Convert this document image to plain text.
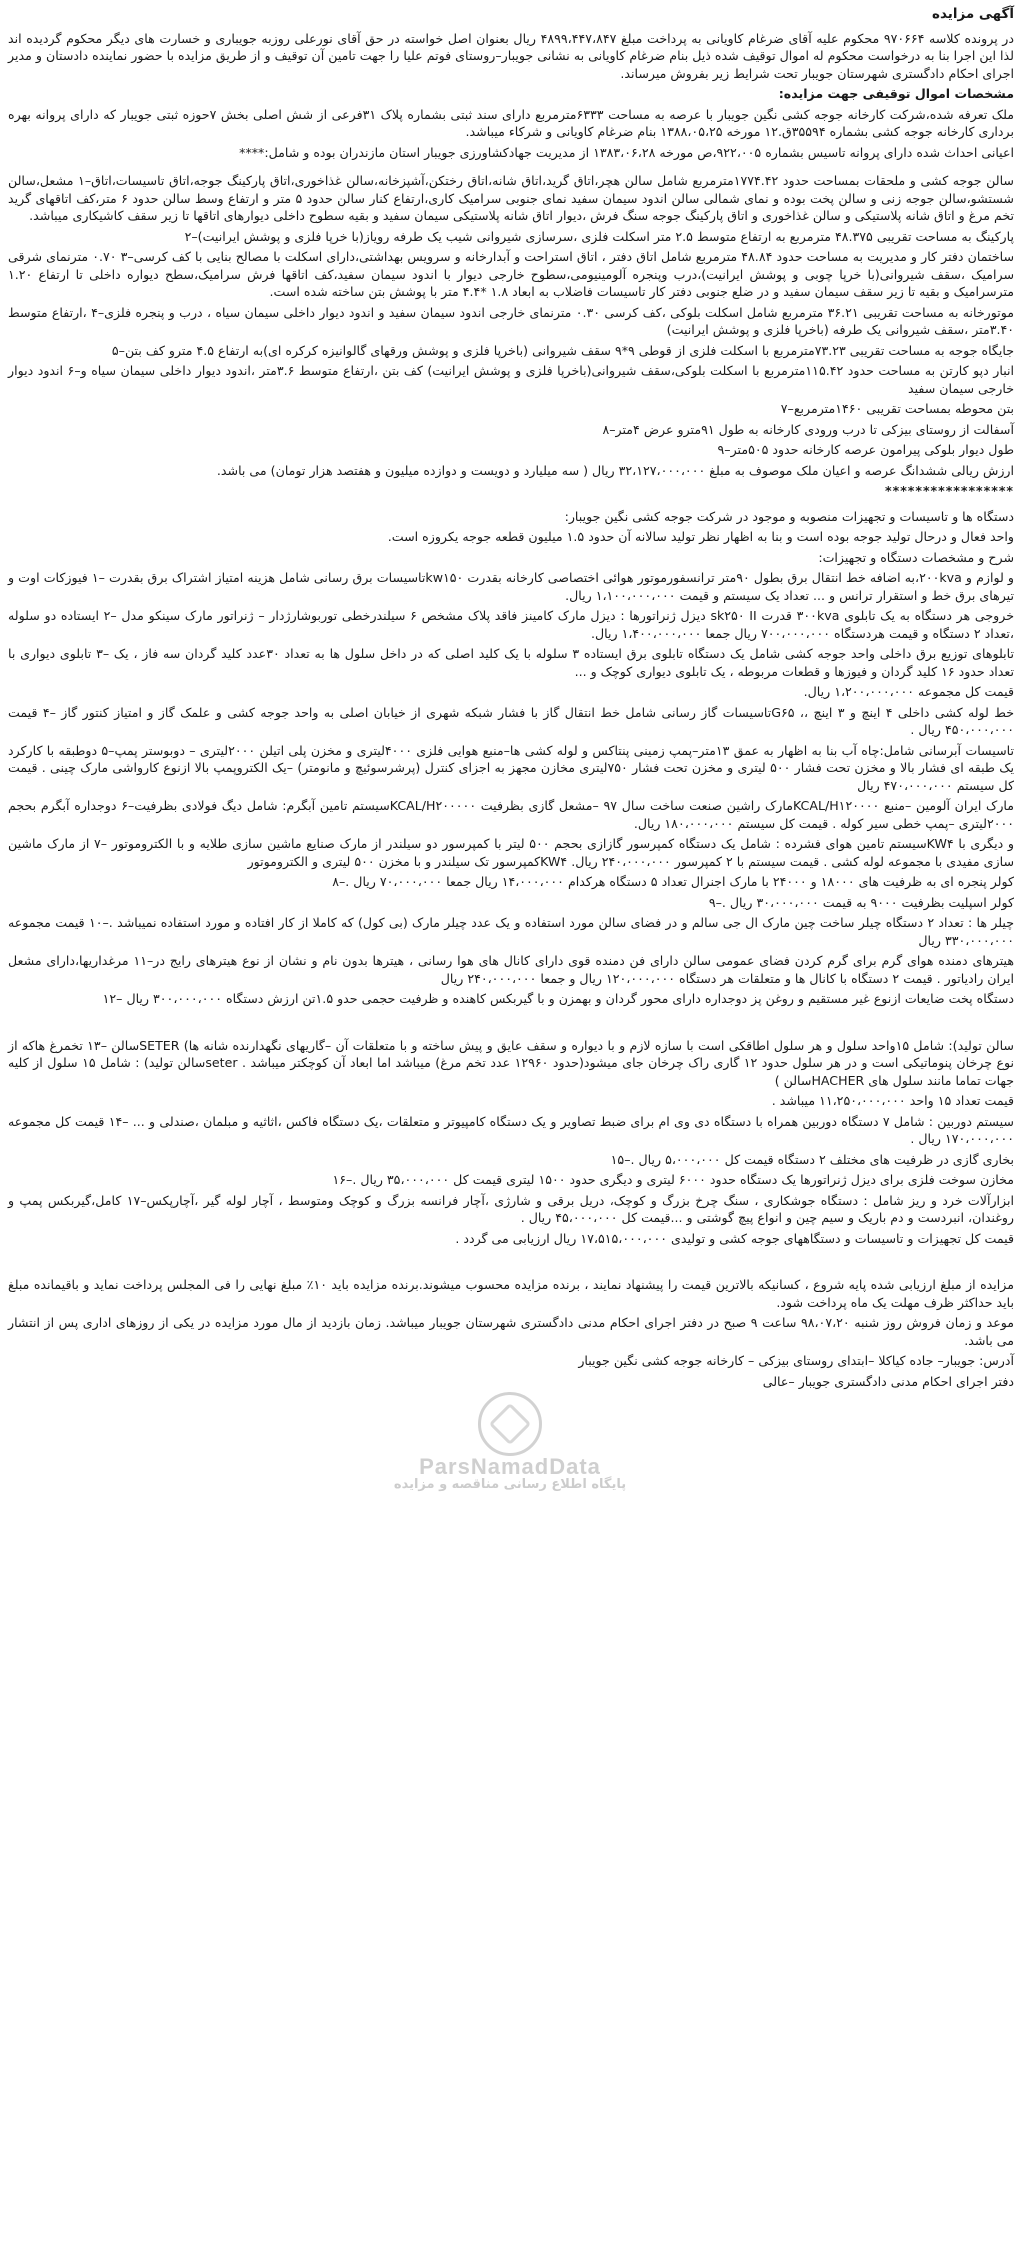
آگهی مزایده
در پرونده کلاسه ۹۷۰۶۶۴ محکوم علیه آقای ضرغام کاویانی به پرداخت مبلغ ۴۸۹۹،۴۴۷،۸۴۷ ریال بعنوان اصل خواسته در حق آقای نورعلی روزبه جویباری و خسارت های دیگر محکوم گردیده اند لذا این اجرا بنا به درخواست محکوم له اموال توقیف شده ذیل بنام ضرغام کاویانی به نشانی جویبار–روستای فوتم علیا را جهت تامین آن توقیف و از طریق مزایده با حضور نماینده دادستان و مدیر اجرای احکام دادگستری شهرستان جویبار تحت شرایط زیر بفروش میرساند.
مشخصات اموال توقیفی جهت مزایده:
ملک تعرفه شده،شرکت کارخانه جوجه کشی نگین جویبار با عرصه به مساحت ۶۳۳۳مترمربع دارای سند ثبتی بشماره پلاک ۳۱فرعی از شش اصلی بخش ۷حوزه ثبتی جویبار که دارای پروانه بهره برداری کارخانه جوجه کشی بشماره ۳۵۵۹۴ق.۱۲ مورخه ۱۳۸۸،۰۵،۲۵ بنام ضرغام کاویانی و شرکاء میباشد.
اعیانی احداث شده دارای پروانه تاسیس بشماره ۹۲۲،۰۰۵،ص مورخه ۱۳۸۳،۰۶،۲۸ از مدیریت جهادکشاورزی جویبار استان مازندران بوده و شامل:****
سالن جوجه کشی و ملحقات بمساحت حدود ۱۷۷۴.۴۲مترمربع شامل سالن هچر،اتاق گرید،اتاق شانه،اتاق رختکن،آشپزخانه،سالن غذاخوری،اتاق پارکینگ جوجه،اتاق تاسیسات،اتاق–۱ مشعل،سالن شستشو،سالن جوجه زنی و سالن پخت بوده و نمای شمالی سالن اندود سیمان سفید نمای جنوبی سرامیک کاری،ارتفاع کنار سالن حدود ۵ متر و ارتفاع وسط سالن حدود ۶ متر،کف اتاقهای گرید تخم مرغ و اتاق شانه پلاستیکی و سالن غذاخوری و اتاق پارکینگ جوجه سنگ فرش ،دیوار اتاق شانه پلاستیکی سیمان سفید و بقیه سطوح داخلی دیوارهای اتاقها تا زیر سقف کاشیکاری میباشد.
پارکینگ به مساحت تقریبی ۴۸.۳۷۵ مترمربع به ارتفاع متوسط ۲.۵ متر اسکلت فلزی ،سرسازی شیروانی شیب یک طرفه رویاز(با خرپا فلزی و پوشش ایرانیت)–۲
ساختمان دفتر کار و مدیریت به مساحت حدود ۴۸.۸۴ مترمربع شامل اتاق دفتر ، اتاق استراحت و آبدارخانه و سرویس بهداشتی،دارای اسکلت با مصالح بنایی با کف کرسی–۳ ۰.۷۰ مترنمای شرقی سرامیک ،سقف شیروانی(با خرپا چوبی و پوشش ایرانیت)،درب وپنجره آلومینیومی،سطوح خارجی دیوار با اندود سیمان سفید،کف اتاقها فرش سرامیک،سطح دیواره داخلی تا ارتفاع ۱.۲۰ مترسرامیک و بقیه تا زیر سقف سیمان سفید و در ضلع جنوبی دفتر کار تاسیسات فاضلاب به ابعاد ۱.۸ *۴.۴ متر با پوشش بتن ساخته شده است.
موتورخانه به مساحت تقریبی ۳۶.۲۱ مترمربع شامل اسکلت بلوکی ،کف کرسی ۰.۳۰ مترنمای خارجی اندود سیمان سفید و اندود دیوار داخلی سیمان سیاه ، درب و پنجره فلزی–۴ ،ارتفاع متوسط ۳.۴۰متر ،سقف شیروانی یک طرفه (باخرپا فلزی و پوشش ایرانیت)
جایگاه جوجه به مساحت تقریبی ۷۳.۲۳مترمربع با اسکلت فلزی از قوطی ۹*۹ سقف شیروانی (باخرپا فلزی و پوشش ورقهای گالوانیزه کرکره ای)به ارتفاع ۴.۵ مترو کف بتن–۵
انبار دپو کارتن به مساحت حدود ۱۱۵.۴۲مترمربع با اسکلت بلوکی،سقف شیروانی(باخرپا فلزی و پوشش ایرانیت) کف بتن ،ارتفاع متوسط ۳.۶متر ،اندود دیوار داخلی سیمان سیاه و–۶ اندود دیوار خارجی سیمان سفید
بتن محوطه بمساحت تقریبی ۱۴۶۰مترمربع–۷
آسفالت از روستای بیزکی تا درب ورودی کارخانه به طول ۹۱مترو عرض ۴متر–۸
طول دیوار بلوکی پیرامون عرصه کارخانه حدود ۵۰۵متر–۹
ارزش ریالی ششدانگ عرصه و اعیان ملک موصوف به مبلغ ۳۲،۱۲۷،۰۰۰،۰۰۰ ریال ( سه میلیارد و دویست و دوازده میلیون و هفتصد هزار تومان) می باشد.
*****************
دستگاه ها و تاسیسات و تجهیزات منصوبه و موجود در شرکت جوجه کشی نگین جویبار:
واحد فعال و درحال تولید جوجه بوده است و بنا به اظهار نظر تولید سالانه آن حدود ۱.۵ میلیون قطعه جوجه یکروزه است.
شرح و مشخصات دستگاه و تجهیزات:
و لوازم و ۲۰۰kva،به اضافه خط انتقال برق بطول ۹۰متر ترانسفورموتور هوائی اختصاصی کارخانه بقدرت kw۱۵۰تاسیسات برق رسانی شامل هزینه امتیاز اشتراک برق بقدرت –۱ فیوزکات اوت و تیرهای برق خط و استقرار ترانس و ... تعداد یک سیستم و قیمت ۱،۱۰۰،۰۰۰،۰۰۰ ریال.
خروجی هر دستگاه به یک تابلوی ۳۰۰kva قدرت sk۲۵۰ II دیزل ژنراتورها : دیزل مارک کامینز فاقد پلاک مشخص ۶ سیلندرخطی توربوشارژدار – ژنراتور مارک سینکو مدل –۲ ایستاده دو سلوله ،تعداد ۲ دستگاه و قیمت هردستگاه ۷۰۰،۰۰۰،۰۰۰ ریال جمعا ۱،۴۰۰،۰۰۰،۰۰۰ ریال.
تابلوهای توزیع برق داخلی واحد جوجه کشی شامل یک دستگاه تابلوی برق ایستاده ۳ سلوله با یک کلید اصلی که در داخل سلول ها به تعداد ۳۰عدد کلید گردان سه فاز ، یک –۳ تابلوی دیواری با تعداد حدود ۱۶ کلید گردان و فیوزها و قطعات مربوطه ، یک تابلوی دیواری کوچک و ...
قیمت کل مجموعه ۱،۲۰۰،۰۰۰،۰۰۰ ریال.
خط لوله کشی داخلی ۴ اینچ و ۳ اینچ ،، G۶۵تاسیسات گاز رسانی شامل خط انتقال گاز با فشار شبکه شهری از خیابان اصلی به واحد جوجه کشی و علمک گاز و امتیاز کنتور گاز –۴ قیمت ۴۵۰،۰۰۰،۰۰۰ ریال .
تاسیسات آبرسانی شامل:چاه آب بنا به اظهار به عمق ۱۳متر–پمپ زمینی پنتاکس و لوله کشی ها–منبع هوایی فلزی ۴۰۰۰لیتری و مخزن پلی اتیلن ۲۰۰۰لیتری – دوبوستر پمپ–۵ دوطبقه با کارکرد یک طبقه ای فشار بالا و مخزن تحت فشار ۵۰۰ لیتری و مخزن تحت فشار ۷۵۰لیتری مخازن مجهز به اجزای کنترل (پرشرسوئیچ و مانومتر) –یک الکتروپمپ بالا ازنوع کارواشی مارک چینی . قیمت کل سیستم ۴۷۰،۰۰۰،۰۰۰ ریال
مارک ایران آلومین –منبع KCAL/H۱۲۰۰۰۰مارک راشین صنعت ساخت سال ۹۷ –مشعل گازی بظرفیت KCAL/H۲۰۰۰۰۰سیستم تامین آبگرم: شامل دیگ فولادی بظرفیت–۶ دوجداره آبگرم بحجم ۲۰۰۰لیتری –پمپ خطی سیر کوله . قیمت کل سیستم ۱۸۰،۰۰۰،۰۰۰ ریال.
و دیگری با KW۴سیستم تامین هوای فشرده : شامل یک دستگاه کمپرسور گازازی بحجم ۵۰۰ لیتر با کمپرسور دو سیلندر از مارک صنایع ماشین سازی طلایه و با الکتروموتور –۷ از مارک ماشین سازی مفیدی با مجموعه لوله کشی . قیمت سیستم با ۲ کمپرسور ۲۴۰،۰۰۰،۰۰۰ ریال. KW۴کمپرسور تک سیلندر و با مخزن ۵۰۰ لیتری و الکتروموتور
کولر پنجره ای به ظرفیت های ۱۸۰۰۰ و ۲۴۰۰۰ با مارک اجنرال تعداد ۵ دستگاه هرکدام ۱۴،۰۰۰،۰۰۰ ریال جمعا ۷۰،۰۰۰،۰۰۰ ریال .–۸
کولر اسپلیت بظرفیت ۹۰۰۰ به قیمت ۳۰،۰۰۰،۰۰۰ ریال .–۹
چیلر ها : تعداد ۲ دستگاه چیلر ساخت چین مارک ال جی سالم و در فضای سالن مورد استفاده و یک عدد چیلر مارک (بی کول) که کاملا از کار افتاده و مورد استفاده نمیباشد .–۱۰ قیمت مجموعه ۳۳۰،۰۰۰،۰۰۰ ریال
هیترهای دمنده هوای گرم برای گرم کردن فضای عمومی سالن دارای فن دمنده قوی دارای کانال های هوا رسانی ، هیترها بدون نام و نشان از نوع هیترهای رایج در–۱۱ مرغداریها،دارای مشعل ایران رادیاتور . قیمت ۲ دستگاه با کانال ها و متعلقات هر دستگاه ۱۲۰،۰۰۰،۰۰۰ ریال و جمعا ۲۴۰،۰۰۰،۰۰۰ ریال
دستگاه پخت ضایعات ازنوع غیر مستقیم و روغن پز دوجداره دارای محور گردان و بهمزن و با گیربکس کاهنده و ظرفیت حجمی حدو ۱.۵تن ارزش دستگاه ۳۰۰،۰۰۰،۰۰۰ ریال –۱۲
سالن تولید): شامل ۱۵واحد سلول و هر سلول اطاقکی است با سازه لازم و با دیواره و سقف عایق و پیش ساخته و با متعلقات آن –گاریهای نگهدارنده شانه ها) SETERسالن –۱۳ تخمرغ هاکه از نوع چرخان پنوماتیکی است و در هر سلول حدود ۱۲ گاری راک چرخان جای میشود(حدود ۱۲۹۶۰ عدد تخم مرغ) میباشد اما ابعاد آن کوچکتر میباشد . seterسالن تولید) : شامل ۱۵ سلول از کلیه جهات تماما مانند سلول های HACHERسالن )
قیمت تعداد ۱۵ واحد ۱۱،۲۵۰،۰۰۰،۰۰۰ میباشد .
سیستم دوربین : شامل ۷ دستگاه دوربین همراه با دستگاه دی وی ام برای ضبط تصاویر و یک دستگاه کامپیوتر و متعلقات ،یک دستگاه فاکس ،اثاثیه و مبلمان ،صندلی و ... –۱۴ قیمت کل مجموعه ۱۷۰،۰۰۰،۰۰۰ ریال .
بخاری گازی در ظرفیت های مختلف ۲ دستگاه قیمت کل ۵،۰۰۰،۰۰۰ ریال .–۱۵
مخازن سوخت فلزی برای دیزل ژنراتورها یک دستگاه حدود ۶۰۰۰ لیتری و دیگری حدود ۱۵۰۰ لیتری قیمت کل ۳۵،۰۰۰،۰۰۰ ریال .–۱۶
ابزارآلات خرد و ریز شامل : دستگاه جوشکاری ، سنگ چرخ بزرگ و کوچک، دریل برقی و شارژی ،آچار فرانسه بزرگ و کوچک ومتوسط ، آچار لوله گیر ،آچارپکس–۱۷ کامل،گیربکس پمپ و روغندان، انبردست و دم باریک و سیم چین و انواع پیچ گوشتی و ...قیمت کل ۴۵،۰۰۰،۰۰۰ ریال .
قیمت کل تجهیزات و تاسیسات و دستگاههای جوجه کشی و تولیدی ۱۷،۵۱۵،۰۰۰،۰۰۰ ریال ارزیابی می گردد .
مزایده از مبلغ ارزیابی شده پایه شروع ، کسانیکه بالاترین قیمت را پیشنهاد نمایند ، برنده مزایده محسوب میشوند.برنده مزایده باید ۱۰٪ مبلغ نهایی را فی المجلس پرداخت نماید و باقیمانده مبلغ باید حداکثر ظرف مهلت یک ماه پرداخت شود.
موعد و زمان فروش روز شنبه ۹۸،۰۷،۲۰ ساعت ۹ صبح در دفتر اجرای احکام مدنی دادگستری شهرستان جویبار میباشد. زمان بازدید از مال مورد مزایده در یکی از روزهای اداری پس از انتشار می باشد.
آدرس: جویبار– جاده کیاکلا –ابتدای روستای بیزکی – کارخانه جوجه کشی نگین جویبار
دفتر اجرای احکام مدنی دادگستری جویبار –عالی
ParsNamadData
پایگاه اطلاع رسانی مناقصه و مزایده
